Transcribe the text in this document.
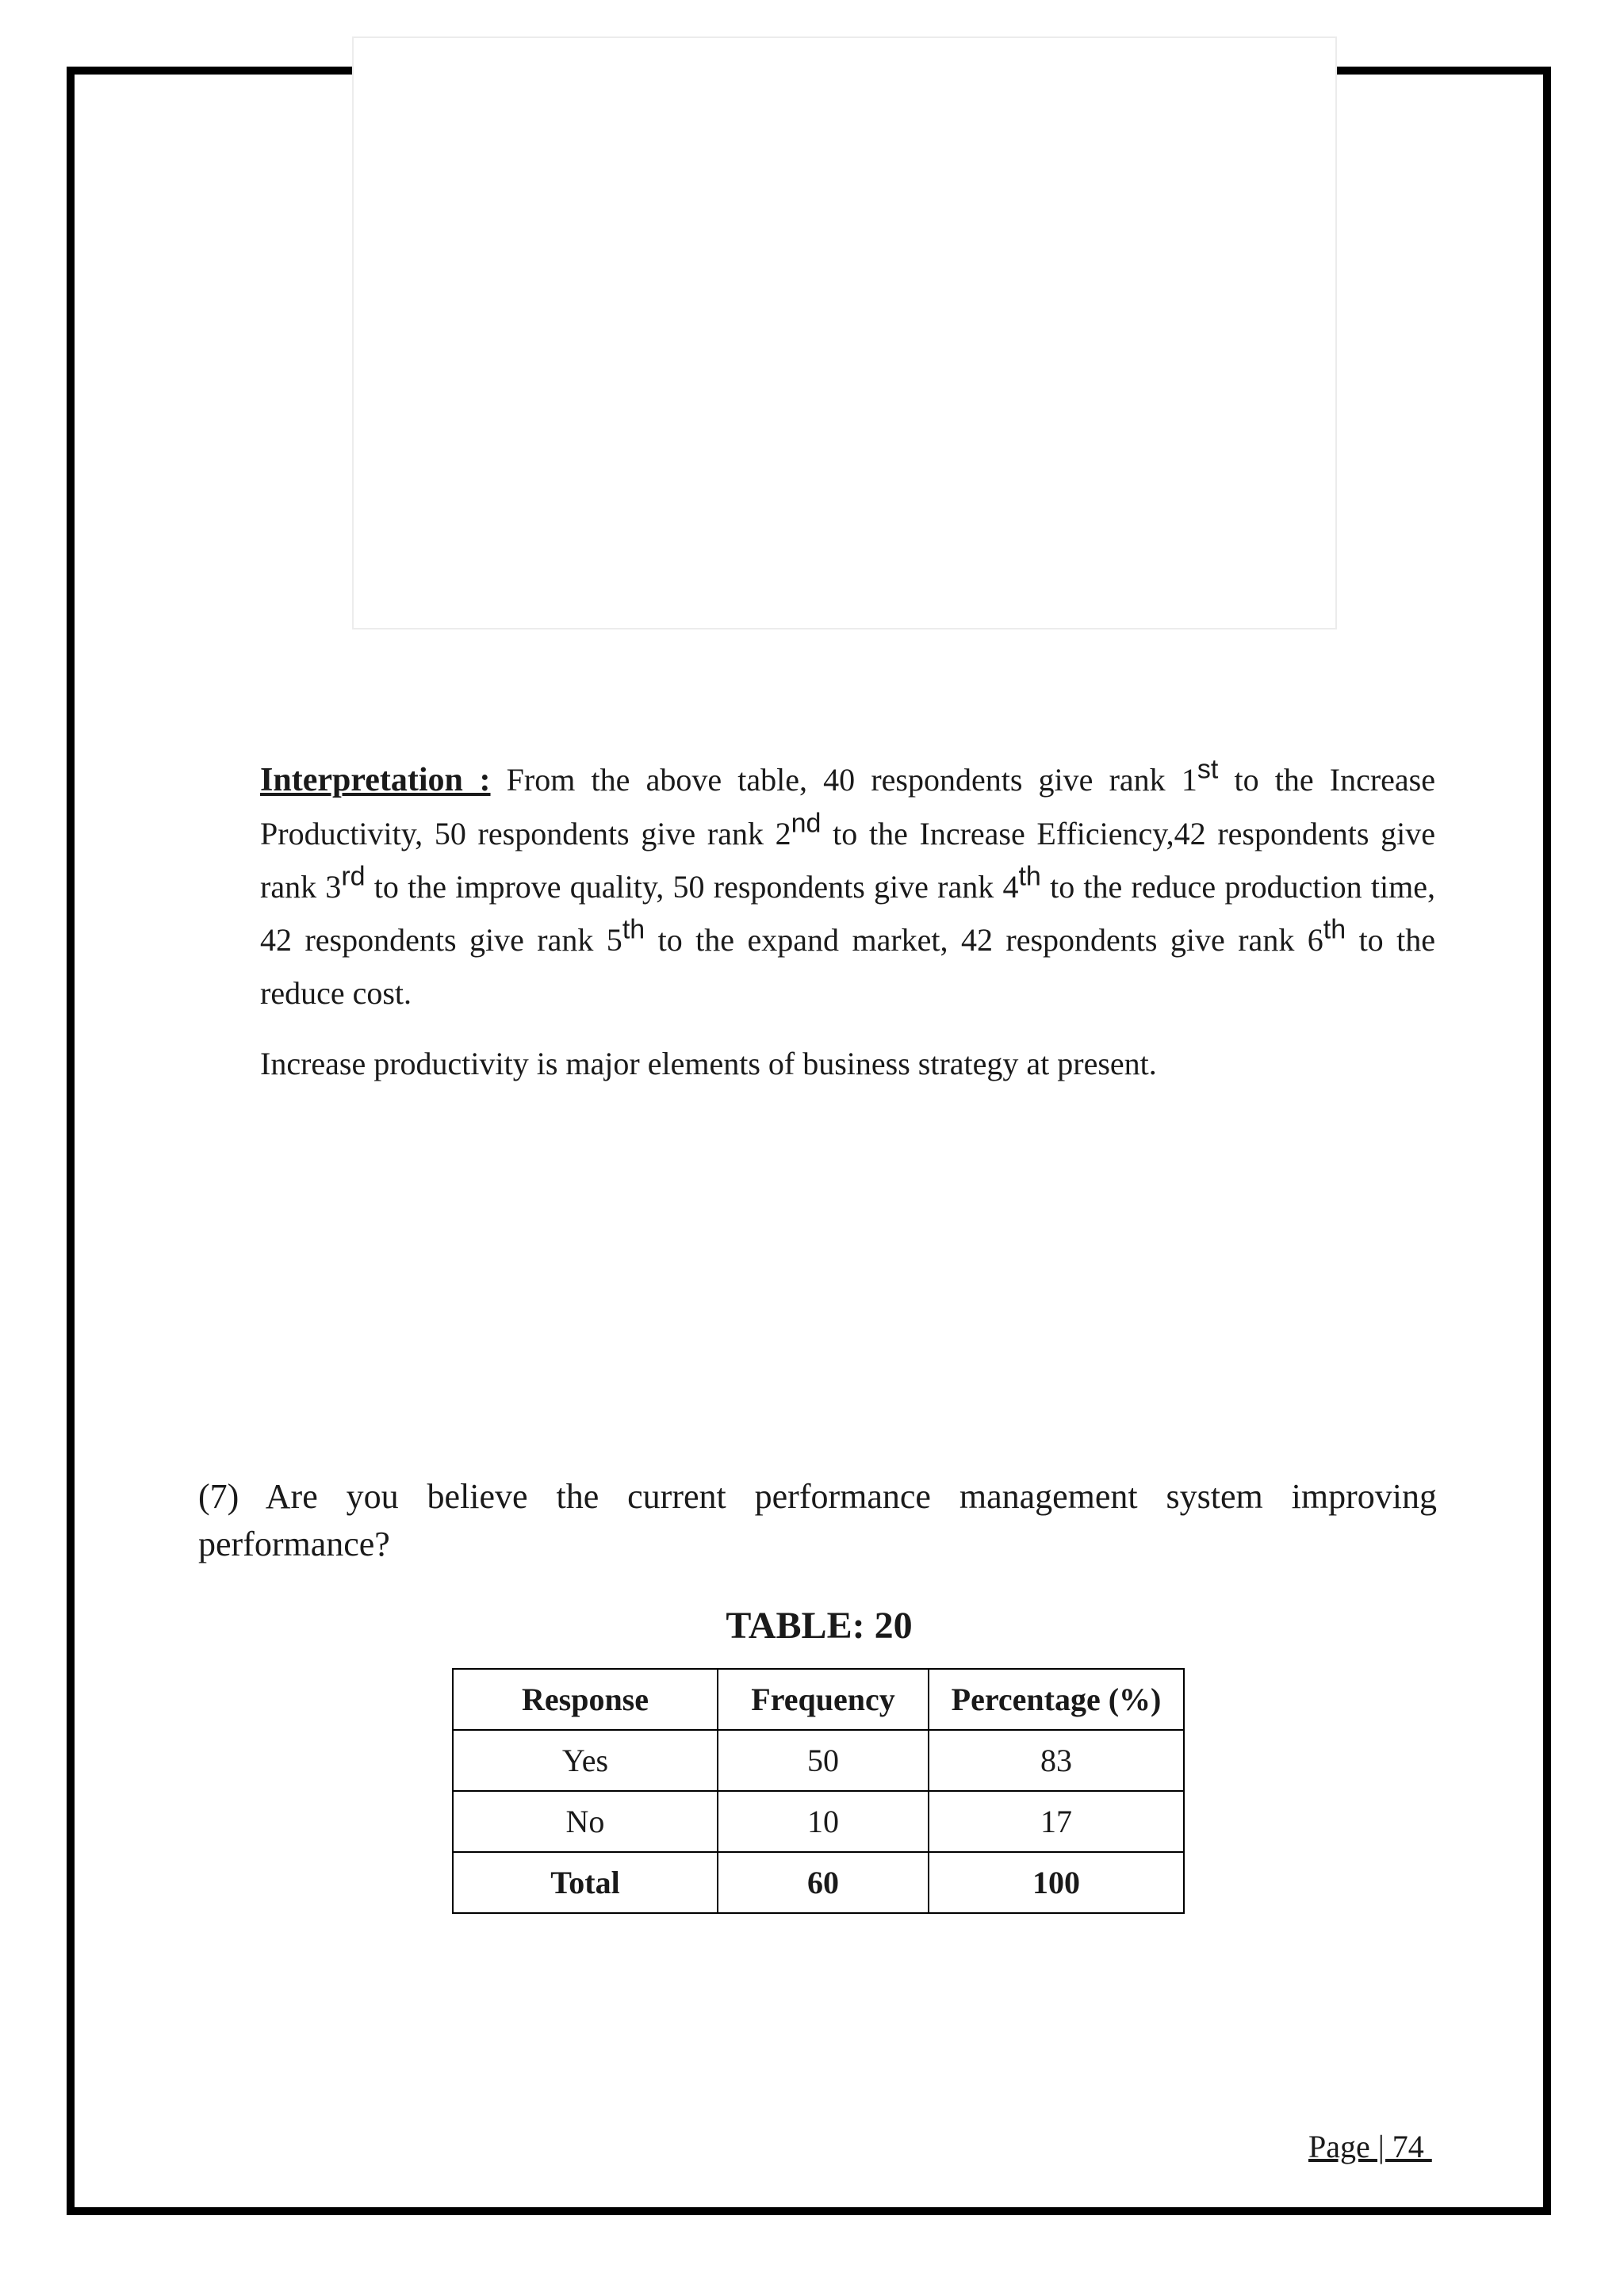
Interpretation : From the above table, 40 respondents give rank 1st to the Increase Productivity, 50 respondents give rank 2nd to the Increase Efficiency,42 respondents give rank 3rd to the improve quality, 50 respondents give rank 4th to the reduce production time, 42 respondents give rank 5th to the expand market, 42 respondents give rank 6th to the reduce cost.
Increase productivity is major elements of business strategy at present.
(7) Are you believe the current performance management system improving performance?
TABLE: 20
Response	Frequency	Percentage (%)
Yes	50	83
No	10	17
Total	60	100
Page | 74
